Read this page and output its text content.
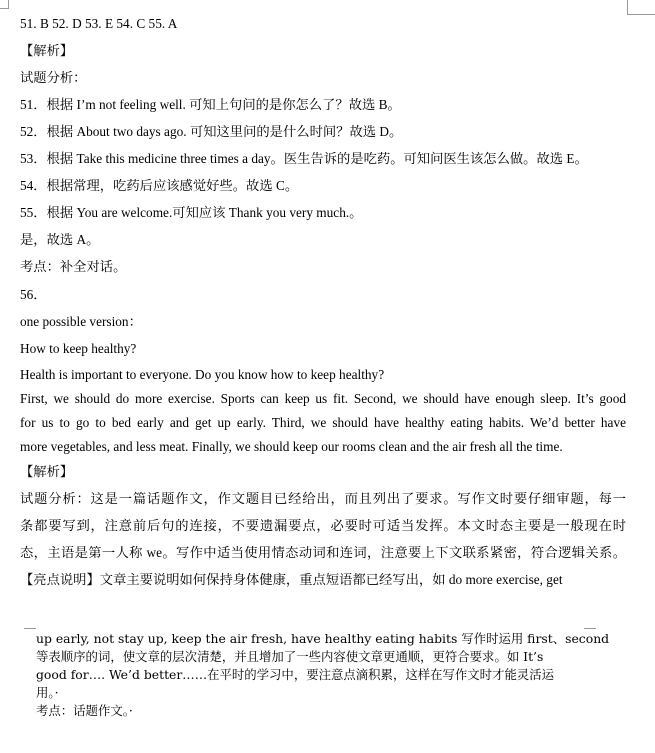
51. B 52. D 53. E 54. C 55. A
【解析】
试题分析：
51．根据 I’m not feeling well. 可知上句问的是你怎么了？故选 B。
52．根据 About two days ago. 可知这里问的是什么时间？故选 D。
53．根据 Take this medicine three times a day。医生告诉的是吃药。可知问医生该怎么做。故选 E。
54．根据常理，吃药后应该感觉好些。故选 C。
55．根据 You are welcome.可知应该 Thank you very much.。
是，故选 A。
考点：补全对话。
56．
one possible version：
How to keep healthy?
Health is important to everyone. Do you know how to keep healthy?
First, we should do more exercise. Sports can keep us fit. Second, we should have enough sleep. It’s good
for us to go to bed early and get up early. Third, we should have healthy eating habits. We’d better have
more vegetables, and less meat. Finally, we should keep our rooms clean and the air fresh all the time.
【解析】
试题分析：这是一篇话题作文，作文题目已经给出，而且列出了要求。写作文时要仔细审题，每一
条都要写到，注意前后句的连接，不要遗漏要点，必要时可适当发挥。本文时态主要是一般现在时
态，主语是第一人称 we。写作中适当使用情态动词和连词，注意要上下文联系紧密，符合逻辑关系。
【亮点说明】文章主要说明如何保持身体健康，重点短语都已经写出，如 do more exercise, get
up early, not stay up, keep the air fresh, have healthy eating habits 写作时运用 first、second
等表顺序的词，使文章的层次清楚，并且增加了一些内容使文章更通顺，更符合要求。如 It’s
good for…. We’d better……在平时的学习中，要注意点滴积累，这样在写作文时才能灵活运
用。·
考点：话题作文。·
